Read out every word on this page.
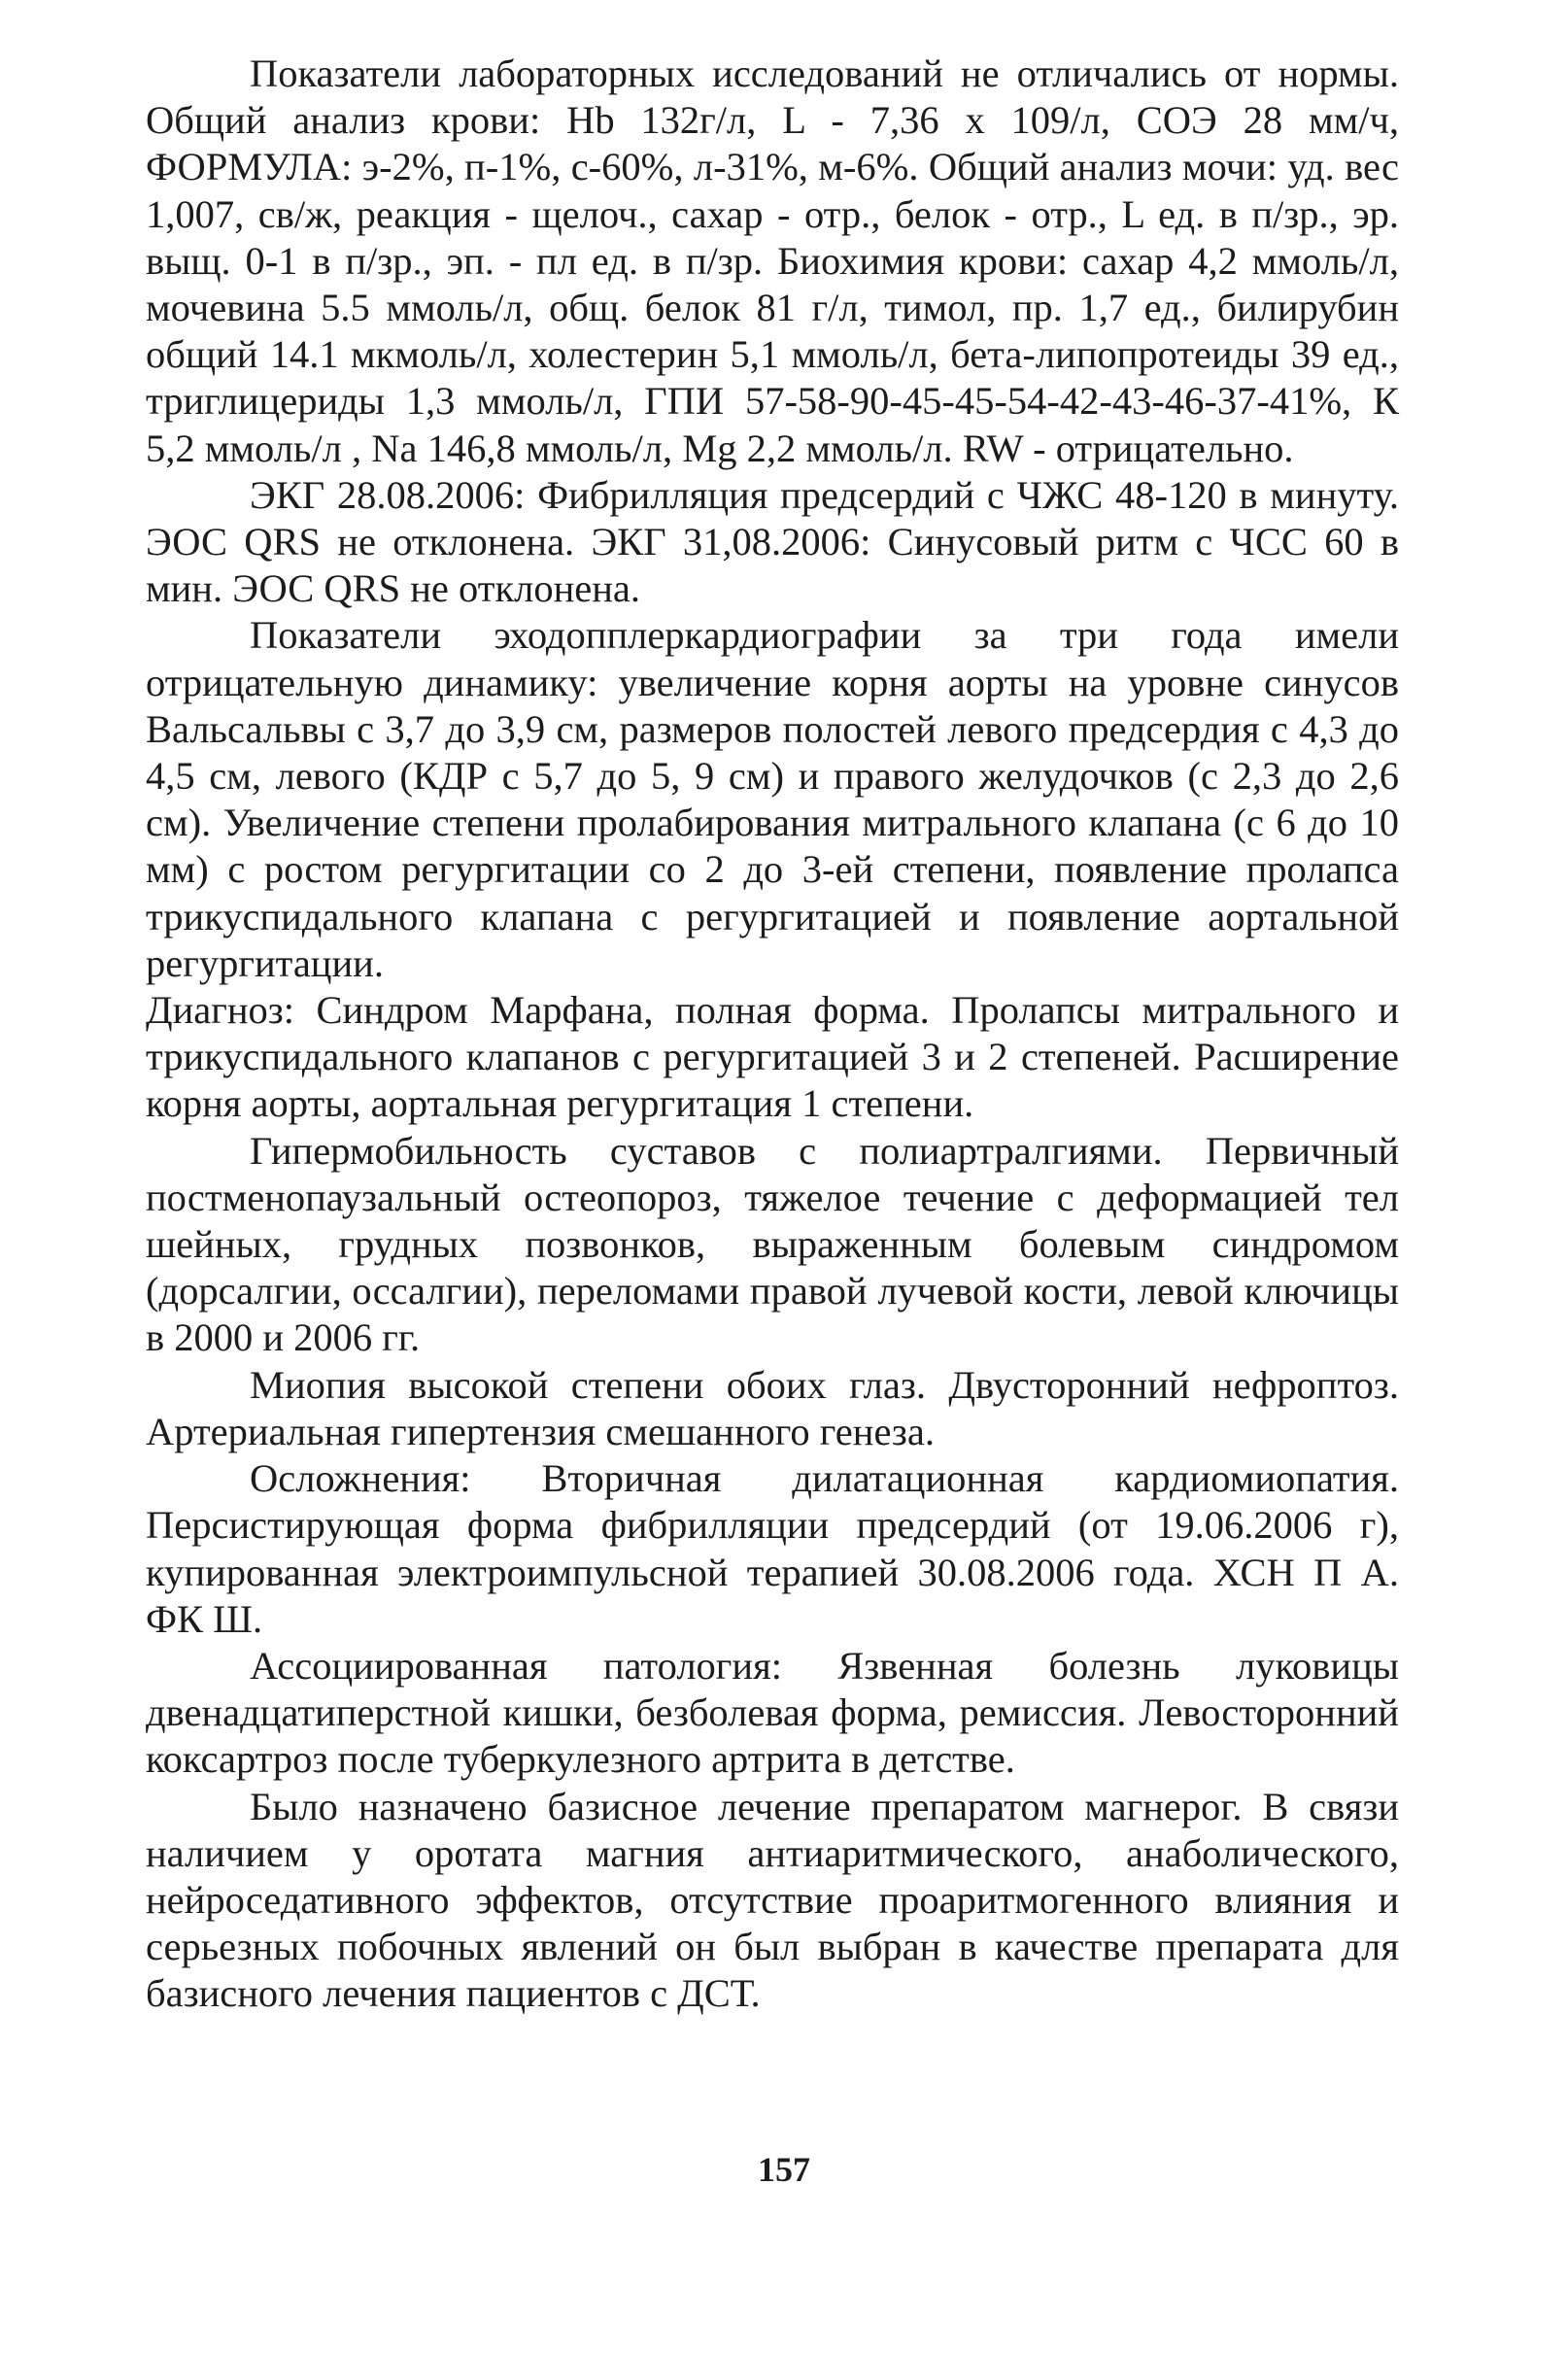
Показатели лабораторных исследований не отличались от нормы. Общий анализ крови: Hb 132г/л, L - 7,36 x 109/л, СОЭ 28 мм/ч, ФОРМУЛА: э-2%, п-1%, с-60%, л-31%, м-6%. Общий анализ мочи: уд. вес 1,007, св/ж, реакция - щелоч., сахар - отр., белок - отр., L ед. в п/зр., эр. выщ. 0-1 в п/зр., эп. - пл ед. в п/зр. Биохимия крови: сахар 4,2 ммоль/л, мочевина 5.5 ммоль/л, общ. белок 81 г/л, тимол, пр. 1,7 ед., билирубин общий 14.1 мкмоль/л, холестерин 5,1 ммоль/л, бета-липопротеиды 39 ед., триглицериды 1,3 ммоль/л, ГПИ 57-58-90-45-45-54-42-43-46-37-41%, К 5,2 ммоль/л , Na 146,8 ммоль/л, Mg 2,2 ммоль/л. RW - отрицательно.

ЭКГ 28.08.2006: Фибрилляция предсердий с ЧЖС 48-120 в минуту. ЭОС QRS не отклонена. ЭКГ 31,08.2006: Синусовый ритм с ЧСС 60 в мин. ЭОС QRS не отклонена.

Показатели эходопплеркардиографии за три года имели отрицательную динамику: увеличение корня аорты на уровне синусов Вальсальвы с 3,7 до 3,9 см, размеров полостей левого предсердия с 4,3 до 4,5 см, левого (КДР с 5,7 до 5, 9 см) и правого желудочков (с 2,3 до 2,6 см). Увеличение степени пролабирования митрального клапана (с 6 до 10 мм) с ростом регургитации со 2 до 3-ей степени, появление пролапса трикуспидального клапана с регургитацией и появление аортальной регургитации.

Диагноз: Синдром Марфана, полная форма. Пролапсы митрального и трикуспидального клапанов с регургитацией 3 и 2 степеней. Расширение корня аорты, аортальная регургитация 1 степени.

Гипермобильность суставов с полиартралгиями. Первичный постменопаузальный остеопороз, тяжелое течение с деформацией тел шейных, грудных позвонков, выраженным болевым синдромом (дорсалгии, оссалгии), переломами правой лучевой кости, левой ключицы в 2000 и 2006 гг.

Миопия высокой степени обоих глаз. Двусторонний нефроптоз. Артериальная гипертензия смешанного генеза.

Осложнения: Вторичная дилатационная кардиомиопатия. Персистирующая форма фибрилляции предсердий (от 19.06.2006 г), купированная электроимпульсной терапией 30.08.2006 года. ХСН П А. ФК Ш.

Ассоциированная патология: Язвенная болезнь луковицы двенадцатиперстной кишки, безболевая форма, ремиссия. Левосторонний коксартроз после туберкулезного артрита в детстве.

Было назначено базисное лечение препаратом магнерог. В связи наличием у оротата магния антиаритмического, анаболического, нейроседативного эффектов, отсутствие проаритмогенного влияния и серьезных побочных явлений он был выбран в качестве препарата для базисного лечения пациентов с ДСТ.

157
